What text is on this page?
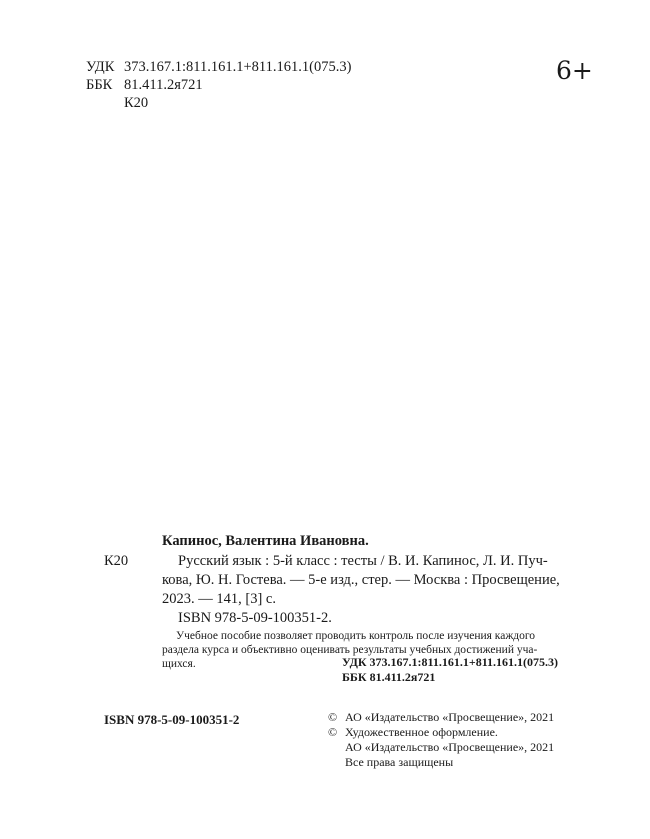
УДК 373.167.1:811.161.1+811.161.1(075.3)
ББК 81.411.2я721
К20
6+
Капинос, Валентина Ивановна.
К20	Русский язык : 5-й класс : тесты / В. И. Капинос, Л. И. Пуч-
кова, Ю. Н. Гостева. — 5-е изд., стер. — Москва : Просвещение,
2023. — 141, [3] с.
ISBN 978-5-09-100351-2.
Учебное пособие позволяет проводить контроль после изучения каждого
раздела курса и объективно оценивать результаты учебных достижений уча-
щихся.	УДК 373.167.1:811.161.1+811.161.1(075.3)
ББК 81.411.2я721
ISBN 978-5-09-100351-2	© АО «Издательство «Просвещение», 2021
© Художественное оформление.
АО «Издательство «Просвещение», 2021
Все права защищены
